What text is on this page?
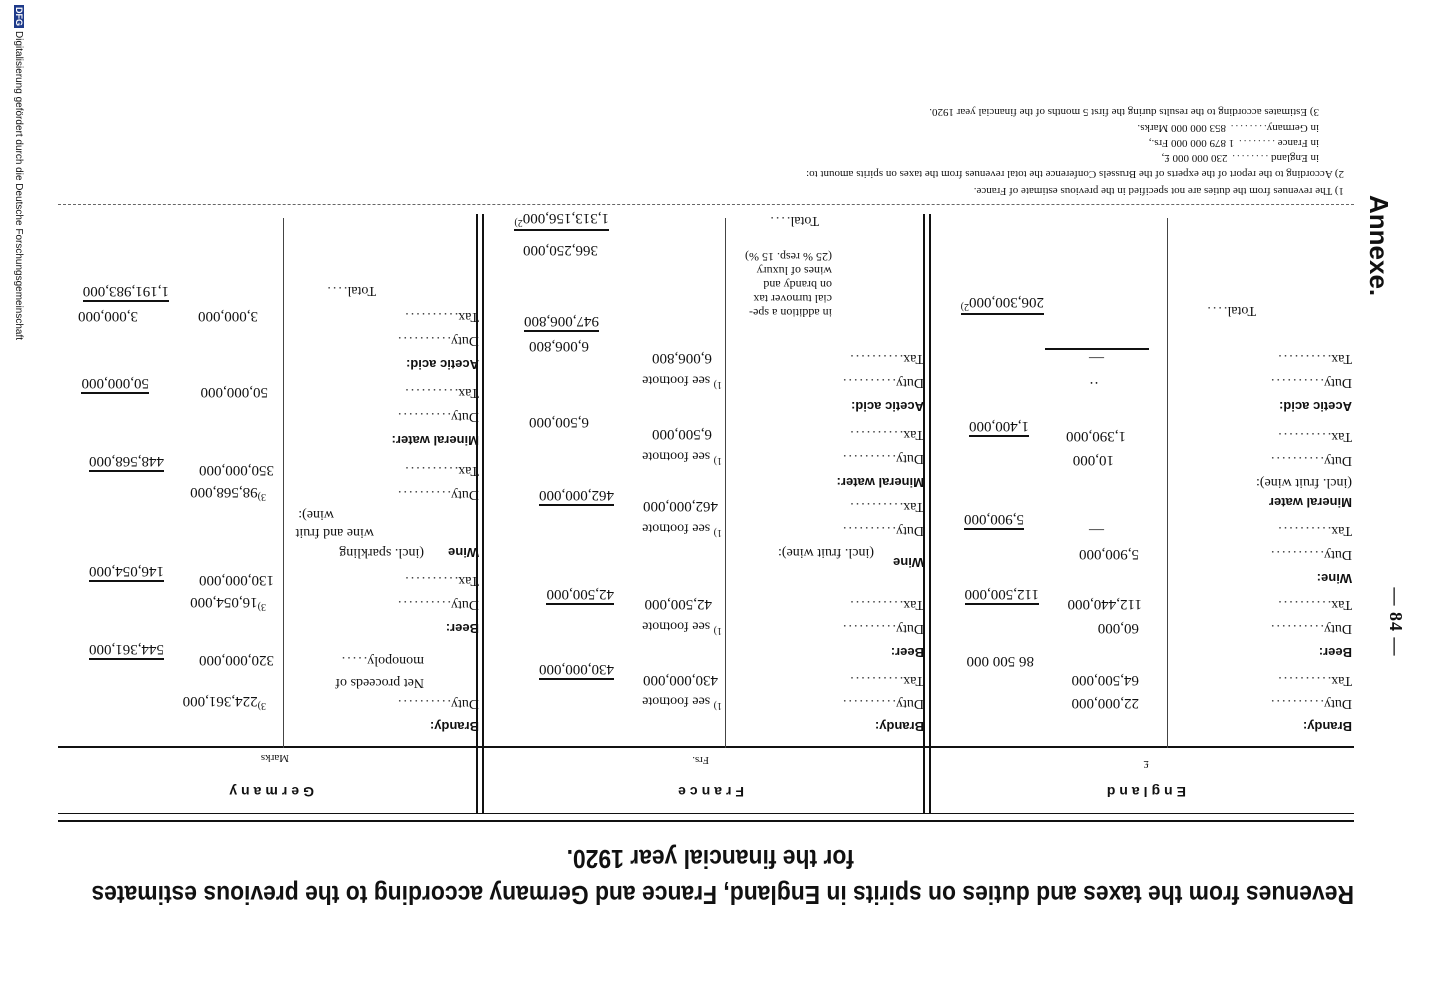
Annexe.
— 84 —
DFGDigitalisierung gefördert durch die Deutsche Forschungsgemeinschaft
Revenues from the taxes and duties on spirits in England, France and Germany according to the previous estimates
for the financial year 1920.
England
£
France
Frs.
Germany
Marks
Brandy:
Duty..........
22,000,000
Tax..........
64,500,000
86 500 000
Beer:
Duty..........
60,000
Tax..........
112,440,000
112,500,000
Wine:
Duty..........
5,900,000
Tax..........
—
5,900,000
Mineral water
(incl. fruit wine):
Duty..........
10,000
Tax..........
1,390,000
1,400,000
Acetic acid:
Duty..........
··
Tax..........
—
Total....
206,300,000$^{2)}$
Brandy:
Duty..........
$^{1)}$ see footnote
Tax..........
430,000,000
430,000,000
Beer:
Duty..........
$^{1)}$ see footnote
Tax..........
42,500,000
42,500,000
Wine
(incl. fruit wine):
Duty..........
$^{1)}$ see footnote
Tax..........
462,000,000
462,000,000
Mineral water:
Duty..........
$^{1)}$ see footnote
Tax..........
6,500,000
6,500,000
Acetic acid:
Duty..........
$^{1)}$ see footnote
Tax..........
6,006,800
6,006,800
947,006,800	in addition a spe-
cial turnover tax
on brandy and
wines of luxury
(25 % resp. 15 %)
366,250,000
Total....
1,313,156,000$^{2)}$
Brandy:
Duty..........
$^{3)}$224,361,000
Net proceeds of
monopoly.....
320,000,000
544,361,000
Beer:
Duty..........
$^{3)}$16,054,000
Tax..........
130,000,000
146,054,000
Wine
(incl. sparkling
wine and fruit
wine):
Duty..........
$^{3)}$98,568,000
Tax..........
350,000,000
448,568,000
Mineral water:
Duty..........
Tax..........
50,000,000
50,000,000
Acetic acid:
Duty..........
Tax..........
3,000,000
3,000,000
Total....
1,191,983,000
1) The revenues from the duties are not specified in the previous estimate of France.
2) According to the report of the experts of the Brussels Conference the total revenues from the taxes on spirits amount to:
in England ........ 230 000 000 £,
in France ........ 1 879 000 000 Frs.,
in Germany........ 853 000 000 Marks.
3) Estimates according to the results during the first 5 months of the financial year 1920.
